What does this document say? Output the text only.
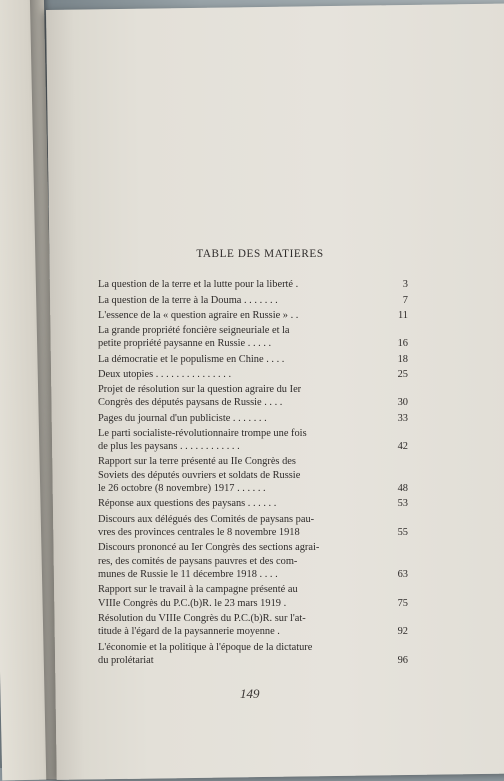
TABLE DES MATIERES
La question de la terre et la lutte pour la liberté .	3
La question de la terre à la Douma . . . . . . .	7
L'essence de la « question agraire en Russie » . .	11
La grande propriété foncière seigneuriale et la
petite propriété paysanne en Russie . . . . .	16
La démocratie et le populisme en Chine . . . .	18
Deux utopies . . . . . . . . . . . . . . .	25
Projet de résolution sur la question agraire du Ier
Congrès des députés paysans de Russie . . . .	30
Pages du journal d'un publiciste . . . . . . .	33
Le parti socialiste-révolutionnaire trompe une fois
de plus les paysans . . . . . . . . . . . .	42
Rapport sur la terre présenté au IIe Congrès des
Soviets des députés ouvriers et soldats de Russie
le 26 octobre (8 novembre) 1917 . . . . . .	48
Réponse aux questions des paysans . . . . . .	53
Discours aux délégués des Comités de paysans pau-
vres des provinces centrales le 8 novembre 1918	55
Discours prononcé au Ier Congrès des sections agrai-
res, des comités de paysans pauvres et des com-
munes de Russie le 11 décembre 1918 . . . .	63
Rapport sur le travail à la campagne présenté au
VIIIe Congrès du P.C.(b)R. le 23 mars 1919 .	75
Résolution du VIIIe Congrès du P.C.(b)R. sur l'at-
titude à l'égard de la paysannerie moyenne .	92
L'économie et la politique à l'époque de la dictature
du prolétariat	96
149
